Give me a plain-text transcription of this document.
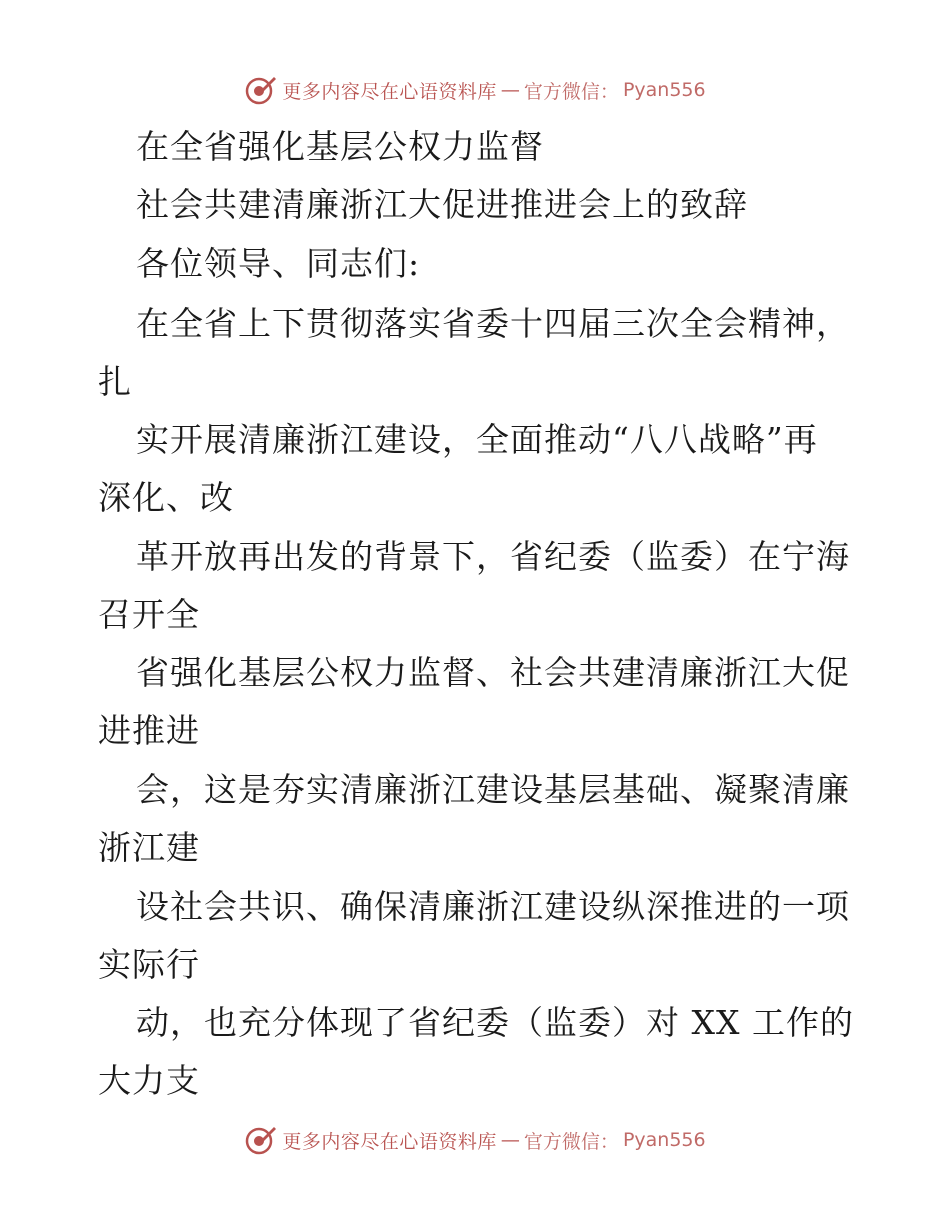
更多内容尽在心语资料库 — 官方微信： Pyan556
在全省强化基层公权力监督
社会共建清廉浙江大促进推进会上的致辞
各位领导、同志们:
在全省上下贯彻落实省委十四届三次全会精神，
扎
实开展清廉浙江建设，全面推动“八八战略”再
深化、改
革开放再出发的背景下，省纪委（监委）在宁海
召开全
省强化基层公权力监督、社会共建清廉浙江大促
进推进
会，这是夯实清廉浙江建设基层基础、凝聚清廉
浙江建
设社会共识、确保清廉浙江建设纵深推进的一项
实际行
动，也充分体现了省纪委（监委）对 XX 工作的
大力支
更多内容尽在心语资料库 — 官方微信： Pyan556
